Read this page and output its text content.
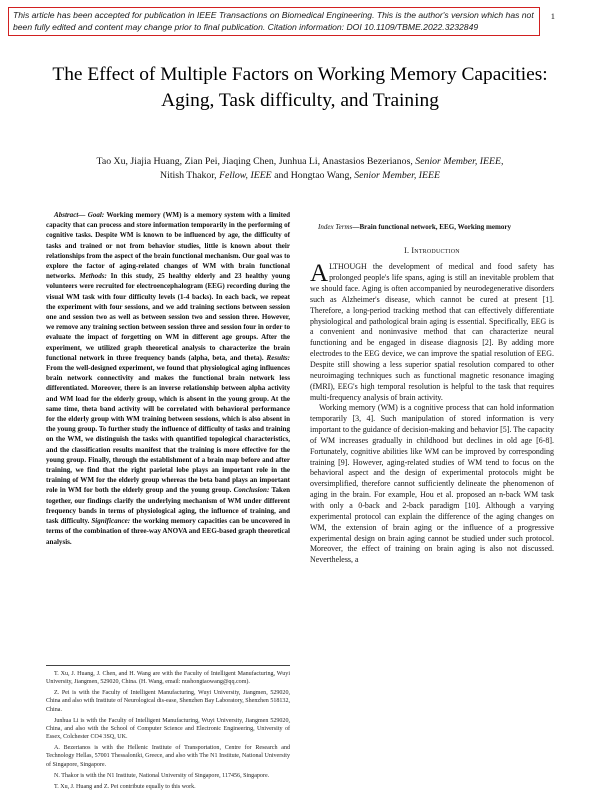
This article has been accepted for publication in IEEE Transactions on Biomedical Engineering. This is the author's version which has not been fully edited and content may change prior to final publication. Citation information: DOI 10.1109/TBME.2022.3232849
1
The Effect of Multiple Factors on Working Memory Capacities: Aging, Task difficulty, and Training
Tao Xu, Jiajia Huang, Zian Pei, Jiaqing Chen, Junhua Li, Anastasios Bezerianos, Senior Member, IEEE,
Nitish Thakor, Fellow, IEEE and Hongtao Wang, Senior Member, IEEE

Abstract— Goal: Working memory (WM) is a memory system with a limited capacity that can process and store information temporarily in the performing of cognitive tasks. Despite WM is known to be influenced by age, the difficulty of tasks and trained or not from behavior studies, little is known about their relationships from the aspect of the brain functional mechanism. Our goal was to explore the factor of aging-related changes of WM with brain functional networks. Methods: In this study, 25 healthy elderly and 23 healthy young volunteers were recruited for electroencephalogram (EEG) recording during the visual WM task with four difficulty levels (1-4 backs). In each back, we repeat the experiment with four sessions, and we add training sections between session one and session two as well as between session two and session three. However, we remove any training section between session three and session four in order to evaluate the impact of forgetting on WM in different age groups. After the experiment, we utilized graph theoretical analysis to characterize the brain functional network in three frequency bands (alpha, beta, and theta). Results: From the well-designed experiment, we found that physiological aging influences brain network connectivity and makes the functional brain network less differentiated. Moreover, there is an inverse relationship between alpha activity and WM load for the elderly group, which is absent in the young group. At the same time, theta band activity will be correlated with behavioral performance for the elderly group with WM training between sessions, which is also absent in the young group. To further study the influence of difficulty of tasks and training on the WM, we distinguish the tasks with quantified topological characteristics, and the classification results manifest that the training is more effective for the young group. Finally, through the establishment of a brain map before and after training, we find that the right parietal lobe plays an important role in the training of WM for the elderly group whereas the beta band plays an important role in WM for both the elderly group and the young group. Conclusion: Taken together, our findings clarify the underlying mechanism of WM under different frequency bands in terms of physiological aging, the influence of training, and task difficulty. Significance: the working memory capacities can be uncovered in terms of the combination of three-way ANOVA and EEG-based graph theoretical analysis.

Index Terms—Brain functional network, EEG, Working memory

I. Introduction

ALTHOUGH the development of medical and food safety has prolonged people's life spans, aging is still an inevitable problem that we should face. Aging is often accompanied by neurodegenerative disorders such as Alzheimer's disease, which cannot be cured at present [1]. Therefore, a long-period tracking method that can effectively differentiate physiological and pathological brain aging is essential. Specifically, EEG is a convenient and noninvasive method that can characterize neural functioning and be engaged in disease diagnosis [2]. By adding more electrodes to the EEG device, we can improve the spatial resolution of EEG. Despite still showing a less superior spatial resolution compared to other neuroimaging techniques such as functional magnetic resonance imaging (fMRI), EEG's high temporal resolution is helpful to the task that requires multi-frequency analysis of brain activity.

Working memory (WM) is a cognitive process that can hold information temporarily [3, 4]. Such manipulation of stored information is very important to the guidance of decision-making and behavior [5]. The capacity of WM increases gradually in childhood but declines in old age [6-8]. Fortunately, cognitive abilities like WM can be improved by corresponding training [9]. However, aging-related studies of WM tend to focus on the behavioral aspect and the design of experimental protocols might be oversimplified, therefore cannot sufficiently delineate the phenomenon of aging in the brain. For example, Hou et al. proposed an n-back WM task with only a 0-back and 2-back paradigm [10]. Although a varying experimental protocol can explain the difference of the aging changes on WM, the extension of brain aging or the influence of a progressive experimental design on brain aging cannot be studied under such protocol. Moreover, the effect of training on brain aging is also not discussed. Nevertheless, a

T. Xu, J. Huang, J. Chen, and H. Wang are with the Faculty of Intelligent Manufacturing, Wuyi University, Jiangmen, 529020, China. (H. Wang, email: nushongtaowang@qq.com).

Z. Pei is with the Faculty of Intelligent Manufacturing, Wuyi University, Jiangmen, 529020, China and also with Institute of Neurological dis-ease, Shenzhen Bay Laboratory, Shenzhen 518132, China.

Junhua Li is with the Faculty of Intelligent Manufacturing, Wuyi University, Jiangmen 529020, China, and also with the School of Computer Science and Electronic Engineering, University of Essex, Colchester CO4 3SQ, UK.

A. Bezerianos is with the Hellenic Institute of Transportation, Centre for Research and Technology Hellas, 57001 Thessaloniki, Greece, and also with The N1 Institute, National University of Singapore, Singapore.

N. Thakor is with the N1 Institute, National University of Singapore, 117456, Singapore.

T. Xu, J. Huang and Z. Pei contribute equally to this work.
